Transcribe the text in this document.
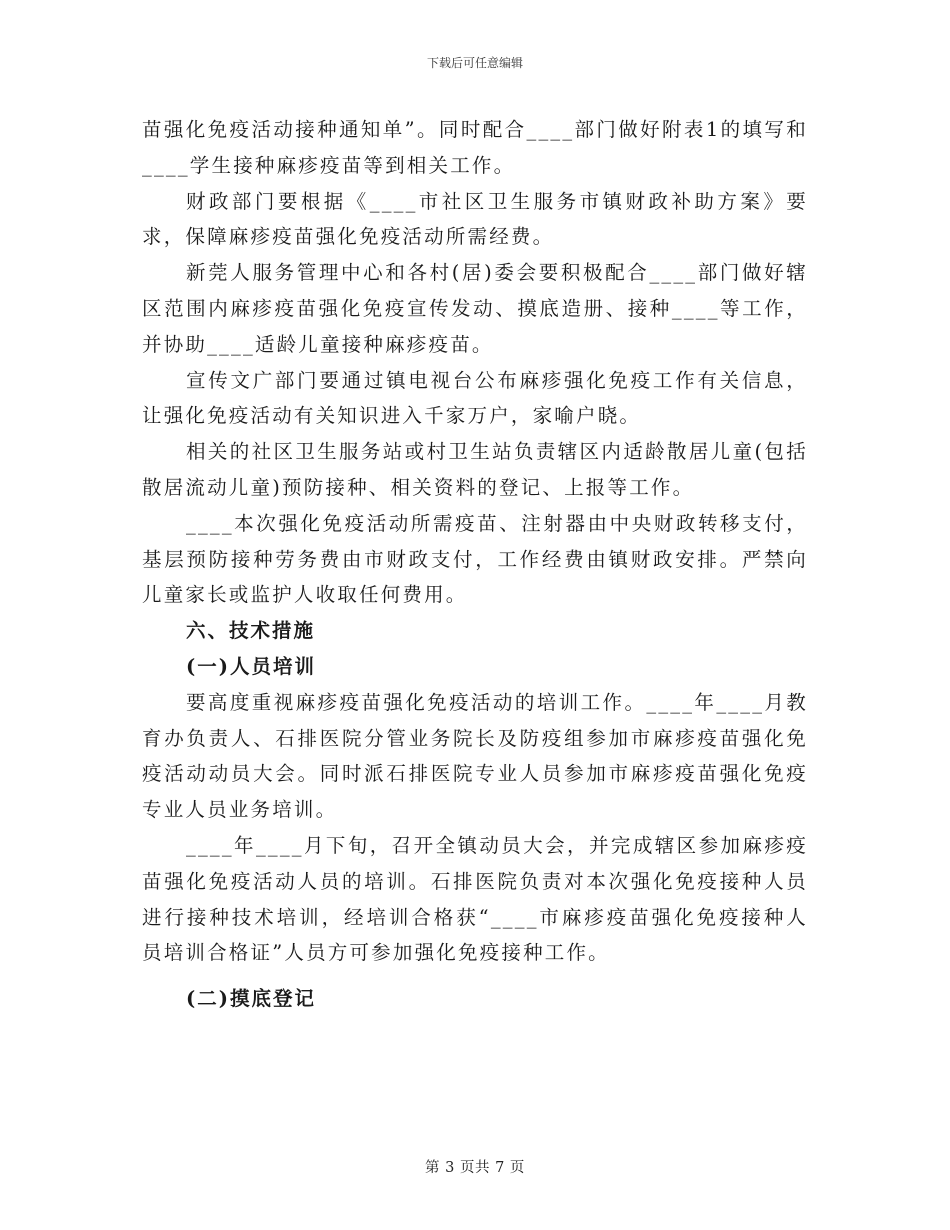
下载后可任意编辑

苗强化免疫活动接种通知单”。同时配合____部门做好附表1的填写和____学生接种麻疹疫苗等到相关工作。

财政部门要根据《____市社区卫生服务市镇财政补助方案》要求，保障麻疹疫苗强化免疫活动所需经费。

新莞人服务管理中心和各村(居)委会要积极配合____部门做好辖区范围内麻疹疫苗强化免疫宣传发动、摸底造册、接种____等工作，并协助____适龄儿童接种麻疹疫苗。

宣传文广部门要通过镇电视台公布麻疹强化免疫工作有关信息，让强化免疫活动有关知识进入千家万户，家喻户晓。

相关的社区卫生服务站或村卫生站负责辖区内适龄散居儿童(包括散居流动儿童)预防接种、相关资料的登记、上报等工作。

____本次强化免疫活动所需疫苗、注射器由中央财政转移支付，基层预防接种劳务费由市财政支付，工作经费由镇财政安排。严禁向儿童家长或监护人收取任何费用。

六、技术措施

(一)人员培训

要高度重视麻疹疫苗强化免疫活动的培训工作。____年____月教育办负责人、石排医院分管业务院长及防疫组参加市麻疹疫苗强化免疫活动动员大会。同时派石排医院专业人员参加市麻疹疫苗强化免疫专业人员业务培训。

____年____月下旬，召开全镇动员大会，并完成辖区参加麻疹疫苗强化免疫活动人员的培训。石排医院负责对本次强化免疫接种人员进行接种技术培训，经培训合格获“____市麻疹疫苗强化免疫接种人员培训合格证”人员方可参加强化免疫接种工作。

(二)摸底登记

第 3 页共 7 页
